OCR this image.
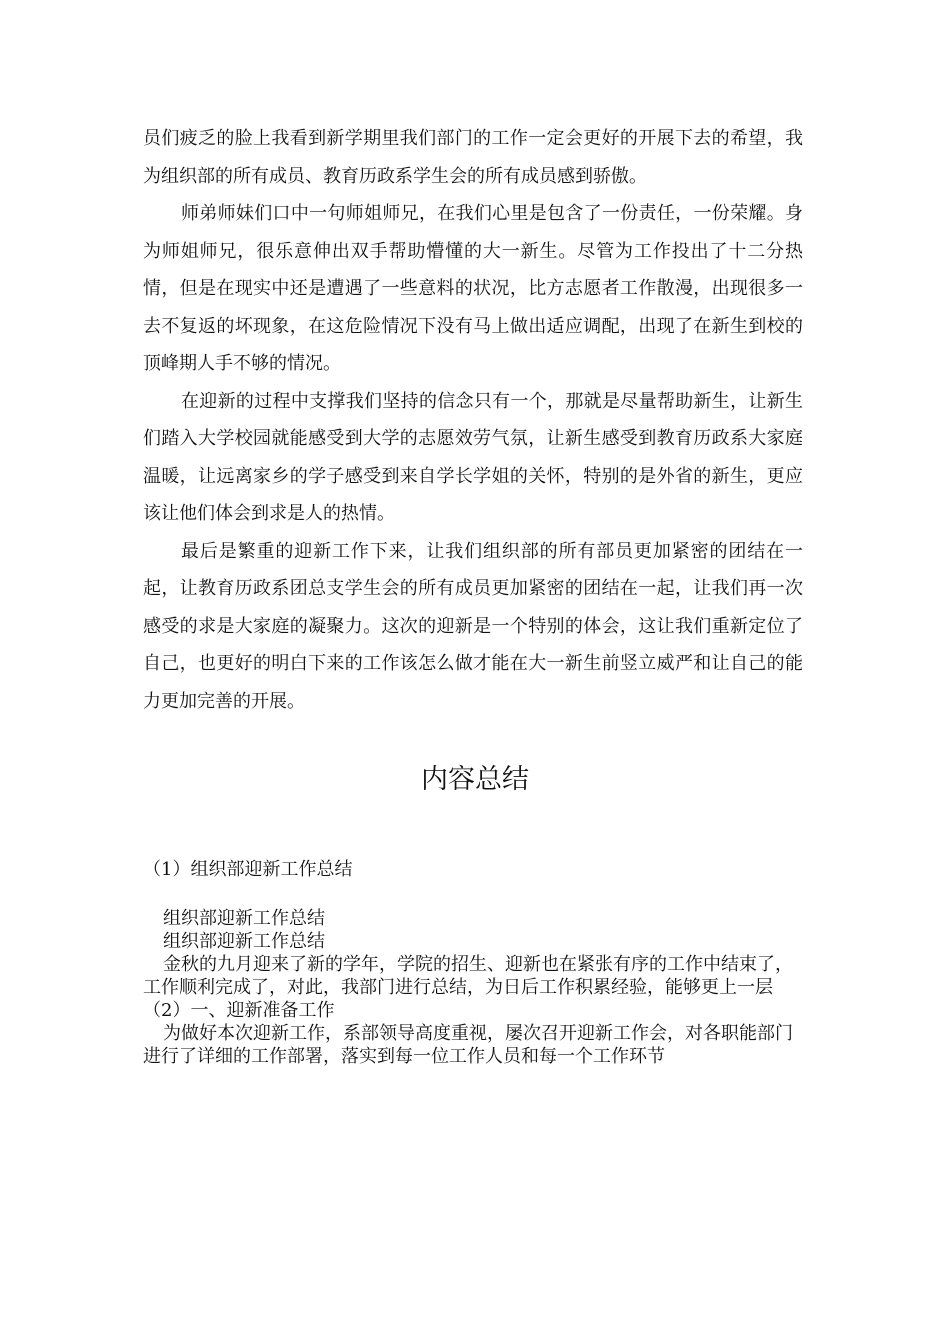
员们疲乏的脸上我看到新学期里我们部门的工作一定会更好的开展下去的希望，我为组织部的所有成员、教育历政系学生会的所有成员感到骄傲。

师弟师妹们口中一句师姐师兄，在我们心里是包含了一份责任，一份荣耀。身为师姐师兄，很乐意伸出双手帮助懵懂的大一新生。尽管为工作投出了十二分热情，但是在现实中还是遭遇了一些意料的状况，比方志愿者工作散漫，出现很多一去不复返的坏现象，在这危险情况下没有马上做出适应调配，出现了在新生到校的顶峰期人手不够的情况。

在迎新的过程中支撑我们坚持的信念只有一个，那就是尽量帮助新生，让新生们踏入大学校园就能感受到大学的志愿效劳气氛，让新生感受到教育历政系大家庭温暖，让远离家乡的学子感受到来自学长学姐的关怀，特别的是外省的新生，更应该让他们体会到求是人的热情。

最后是繁重的迎新工作下来，让我们组织部的所有部员更加紧密的团结在一起，让教育历政系团总支学生会的所有成员更加紧密的团结在一起，让我们再一次感受的求是大家庭的凝聚力。这次的迎新是一个特别的体会，这让我们重新定位了自己，也更好的明白下来的工作该怎么做才能在大一新生前竖立威严和让自己的能力更加完善的开展。

内容总结

（1）组织部迎新工作总结

组织部迎新工作总结

组织部迎新工作总结

金秋的九月迎来了新的学年，学院的招生、迎新也在紧张有序的工作中结束了，工作顺利完成了，对此，我部门进行总结，为日后工作积累经验，能够更上一层

（2）一、迎新准备工作

为做好本次迎新工作，系部领导高度重视，屡次召开迎新工作会，对各职能部门进行了详细的工作部署，落实到每一位工作人员和每一个工作环节
